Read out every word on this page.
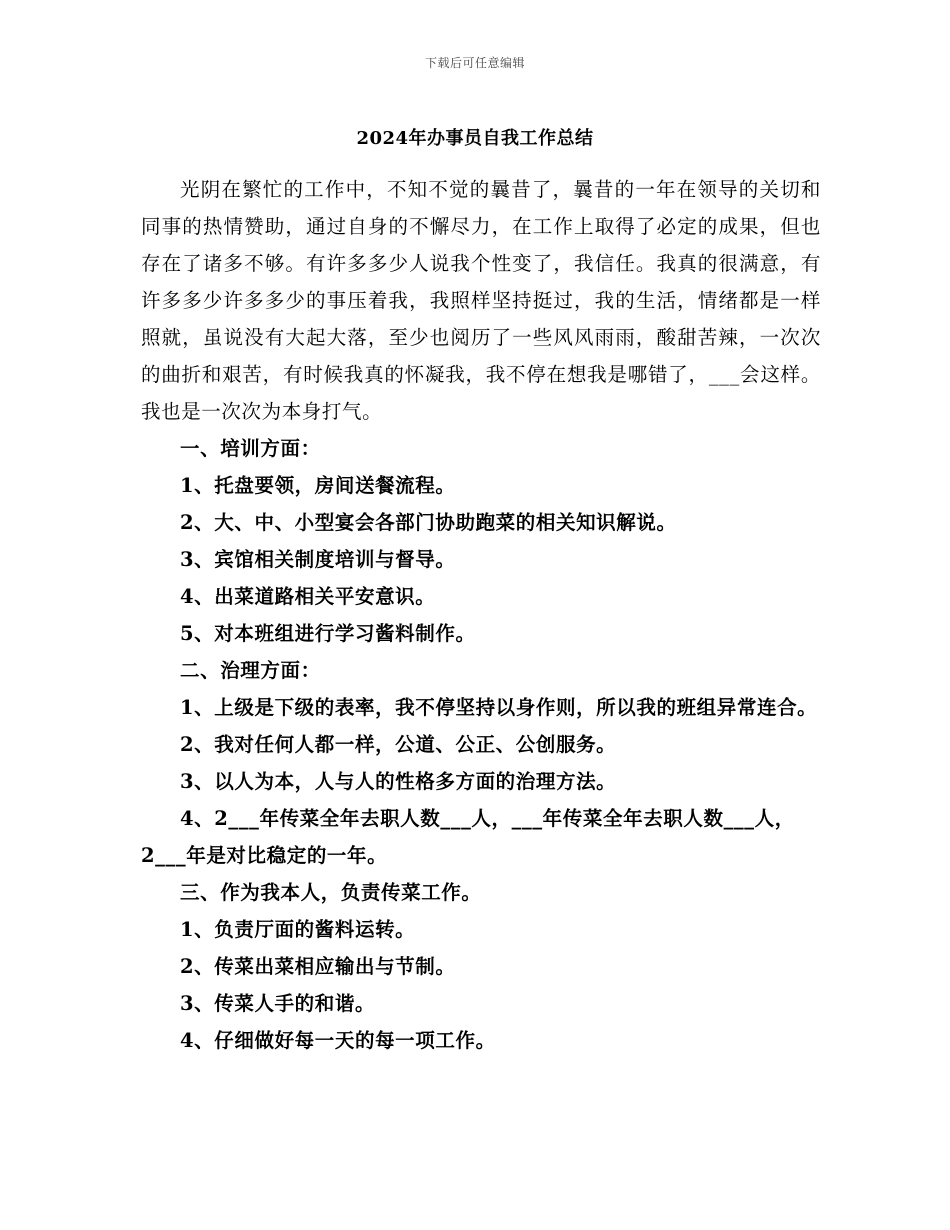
下载后可任意编辑
2024年办事员自我工作总结

光阴在繁忙的工作中，不知不觉的曩昔了，曩昔的一年在领导的关切和同事的热情赞助，通过自身的不懈尽力，在工作上取得了必定的成果，但也存在了诸多不够。有许多多少人说我个性变了，我信任。我真的很满意，有许多多少许多多少的事压着我，我照样坚持挺过，我的生活，情绪都是一样照就，虽说没有大起大落，至少也阅历了一些风风雨雨，酸甜苦辣，一次次的曲折和艰苦，有时候我真的怀凝我，我不停在想我是哪错了，___会这样。我也是一次次为本身打气。

一、培训方面：

1、托盘要领，房间送餐流程。

2、大、中、小型宴会各部门协助跑菜的相关知识解说。

3、宾馆相关制度培训与督导。

4、出菜道路相关平安意识。

5、对本班组进行学习酱料制作。

二、治理方面：

1、上级是下级的表率，我不停坚持以身作则，所以我的班组异常连合。

2、我对任何人都一样，公道、公正、公创服务。

3、以人为本，人与人的性格多方面的治理方法。

4、2___年传菜全年去职人数___人，___年传菜全年去职人数___人，2___年是对比稳定的一年。

三、作为我本人，负责传菜工作。

1、负责厅面的酱料运转。

2、传菜出菜相应输出与节制。

3、传菜人手的和谐。

4、仔细做好每一天的每一项工作。
